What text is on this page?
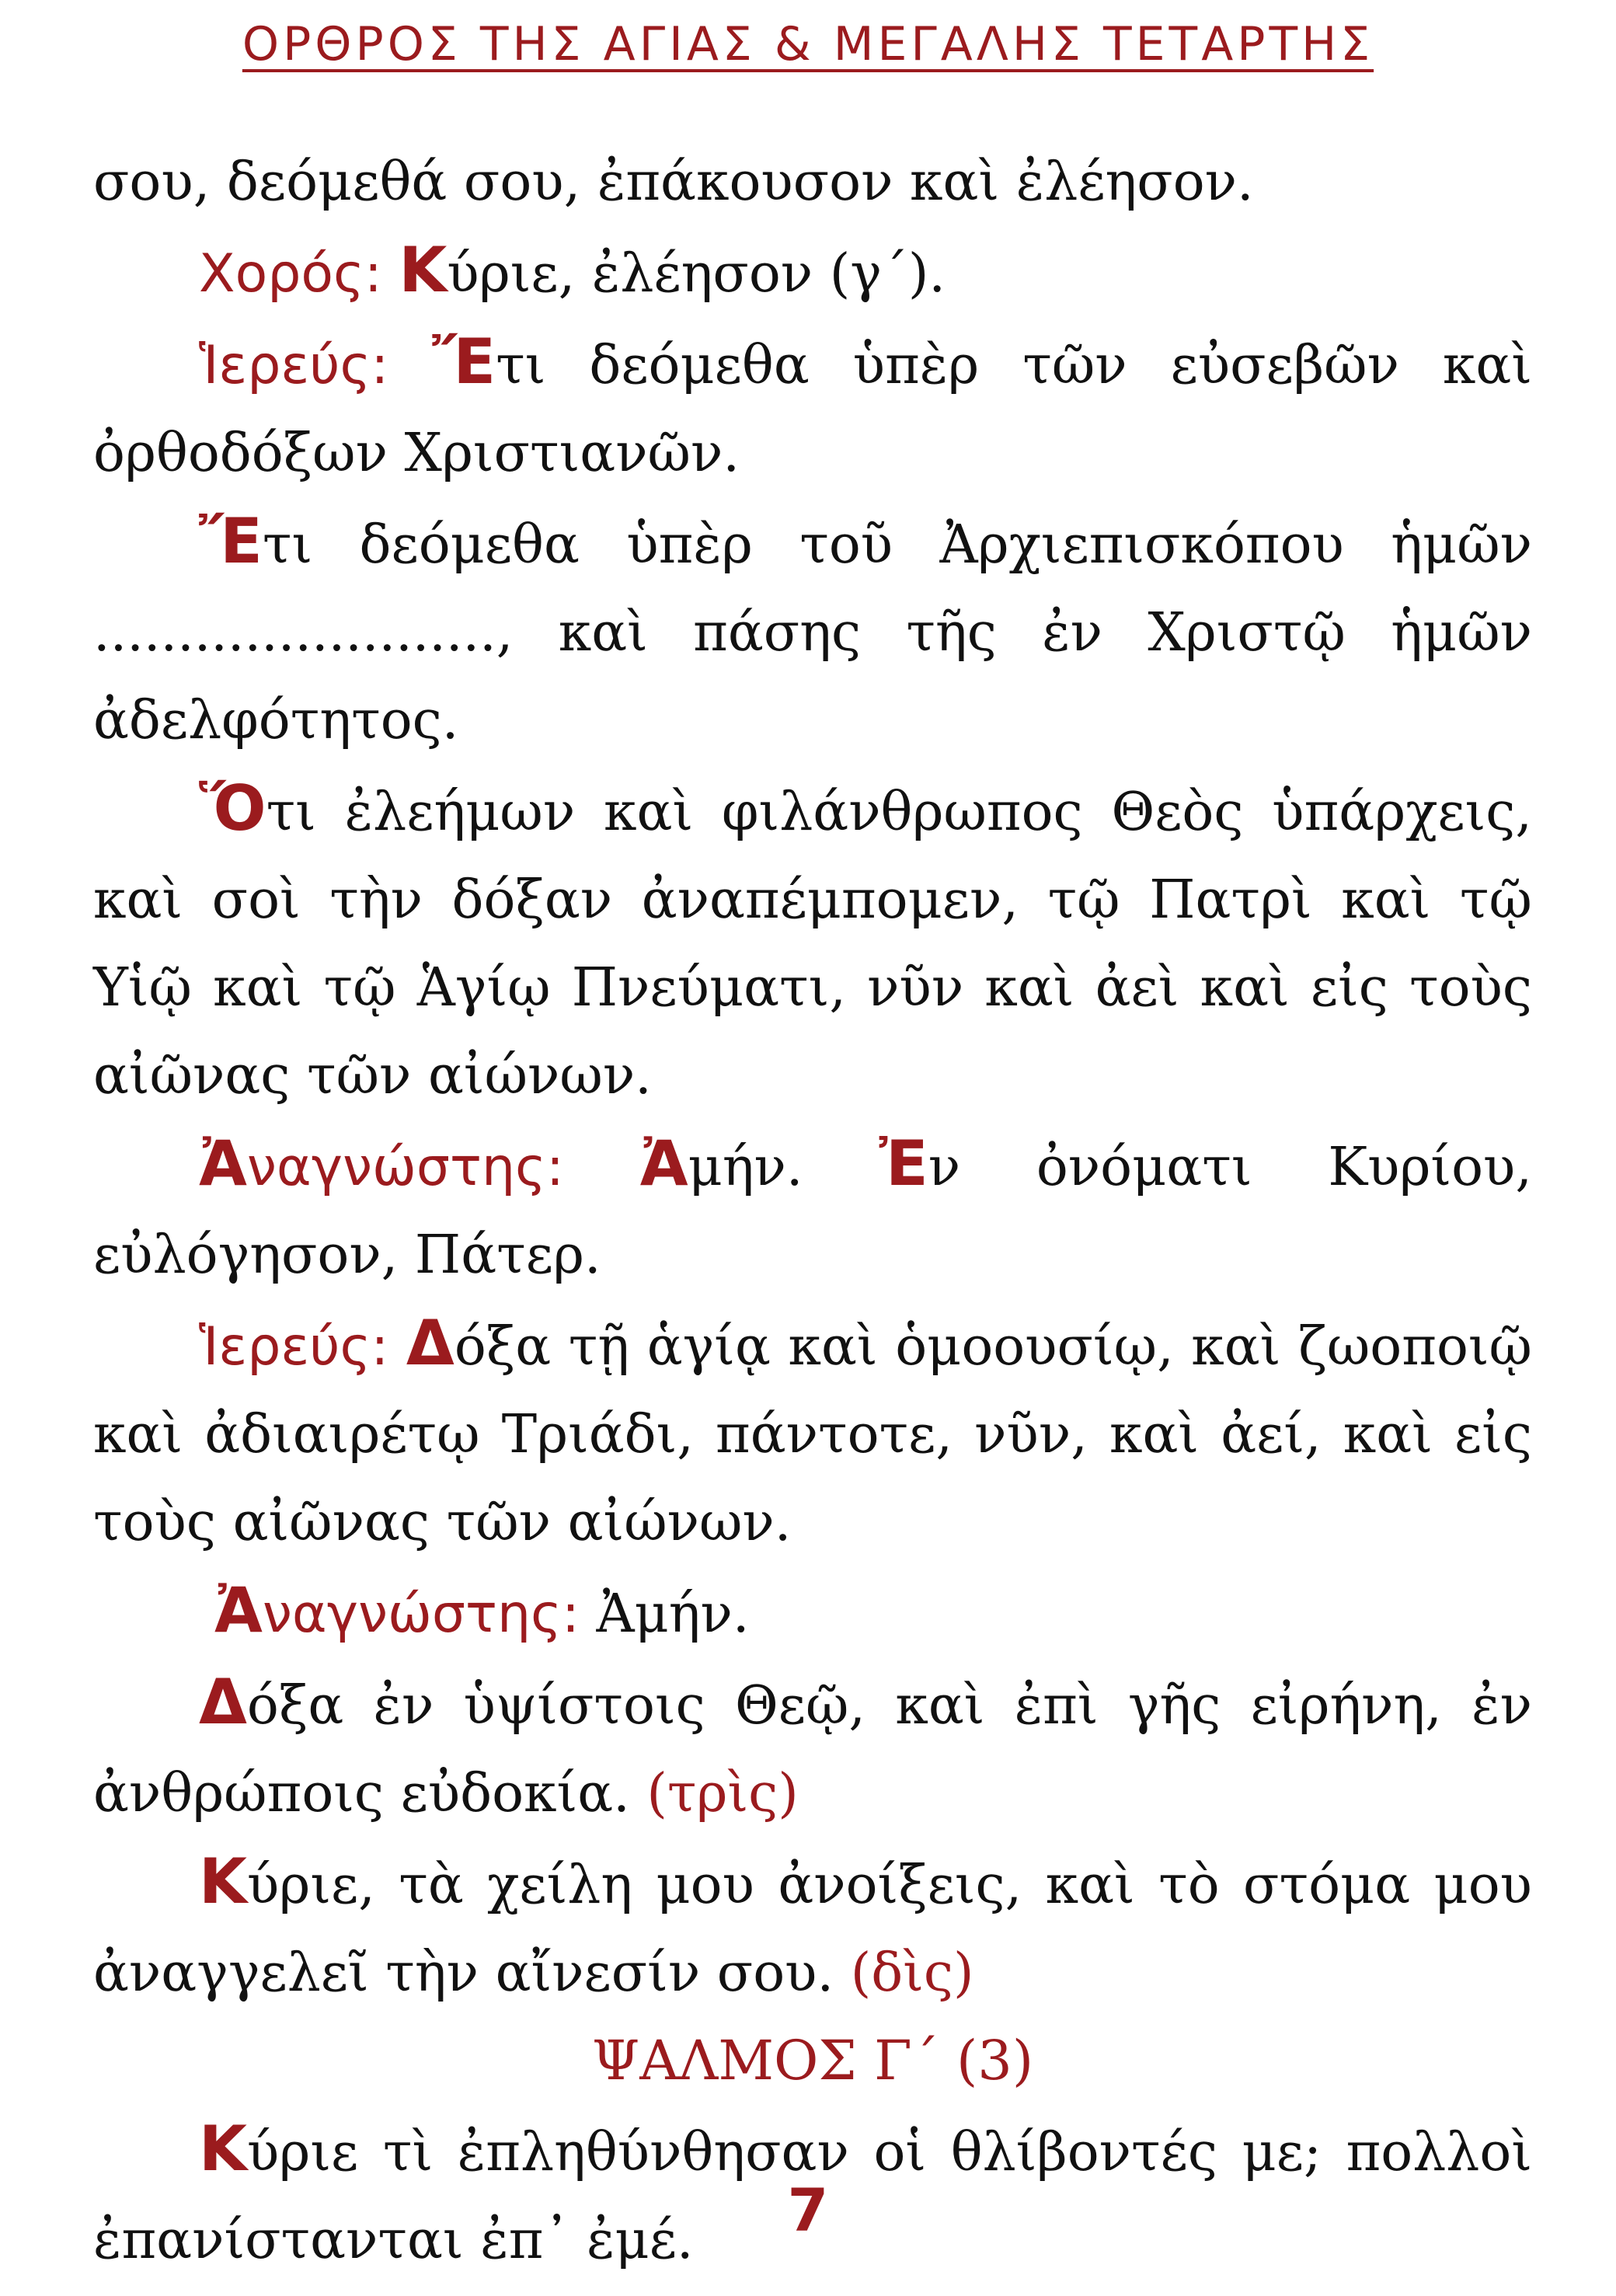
ΟΡΘΡΟΣ ΤΗΣ ΑΓΙΑΣ & ΜΕΓΑΛΗΣ ΤΕΤΑΡΤΗΣ

σου, δεόμεθά σου, ἐπάκουσον καὶ ἐλέησον.

Χορός: Κύριε, ἐλέησον (γ΄).

Ἱερεύς: Ἔτι δεόμεθα ὑπὲρ τῶν εὐσεβῶν καὶ ὀρθοδόξων Χριστιανῶν.

Ἔτι δεόμεθα ὑπὲρ τοῦ Ἀρχιεπισκόπου ἡμῶν ........................, καὶ πάσης τῆς ἐν Χριστῷ ἡμῶν ἀδελφότητος.

Ὅτι ἐλεήμων καὶ φιλάνθρωπος Θεὸς ὑπάρχεις, καὶ σοὶ τὴν δόξαν ἀναπέμπομεν, τῷ Πατρὶ καὶ τῷ Υἱῷ καὶ τῷ Ἁγίῳ Πνεύματι, νῦν καὶ ἀεὶ καὶ εἰς τοὺς αἰῶνας τῶν αἰώνων.

Ἀναγνώστης: Ἀμήν. Ἐν ὀνόματι Κυρίου, εὐλόγησον, Πάτερ.

Ἱερεύς: Δόξα τῇ ἁγίᾳ καὶ ὁμοουσίῳ, καὶ ζωοποιῷ καὶ ἀδιαιρέτῳ Τριάδι, πάντοτε, νῦν, καὶ ἀεί, καὶ εἰς τοὺς αἰῶνας τῶν αἰώνων.

Ἀναγνώστης: Ἀμήν.

Δόξα ἐν ὑψίστοις Θεῷ, καὶ ἐπὶ γῆς εἰρήνη, ἐν ἀνθρώποις εὐδοκία. (τρὶς)

Κύριε, τὰ χείλη μου ἀνοίξεις, καὶ τὸ στόμα μου ἀναγγελεῖ τὴν αἴνεσίν σου. (δὶς)

ΨΑΛΜΟΣ Γ΄ (3)

Κύριε τὶ ἐπληθύνθησαν οἱ θλίβοντές με; πολλοὶ ἐπανίστανται ἐπ᾽ ἐμέ.	7
